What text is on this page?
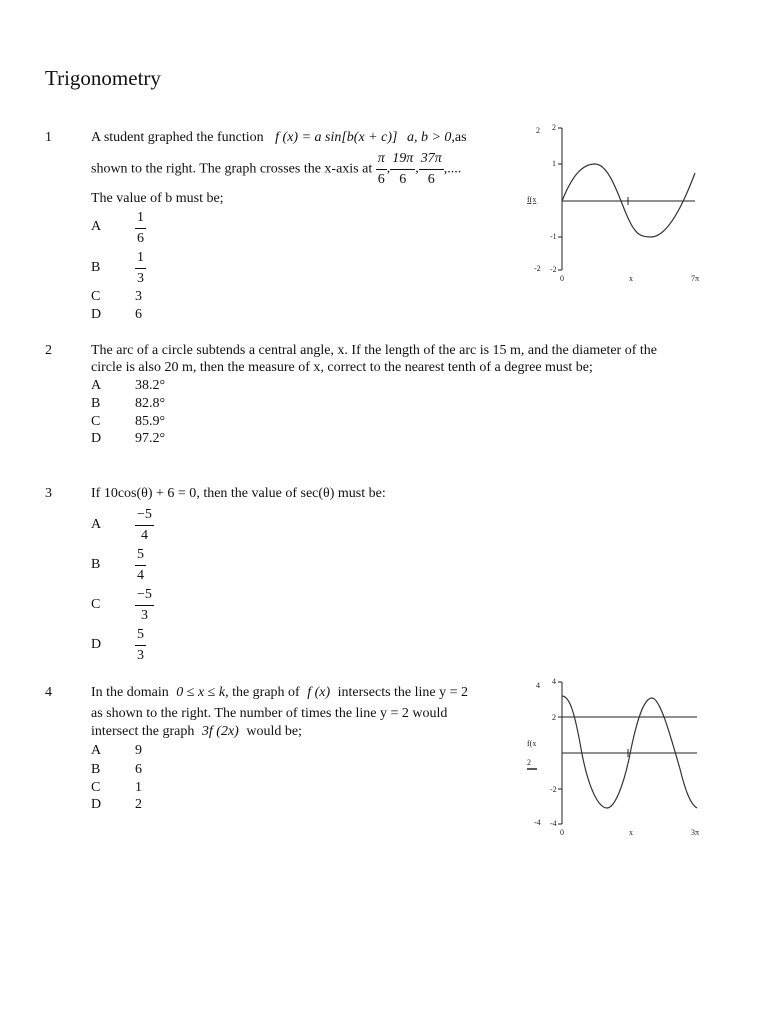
Trigonometry
1	A student graphed the function f (x) = a sin[b(x + c)] a, b > 0,as
shown to the right. The graph crosses the x-axis at $\frac{\pi}{6}$ , $\frac{19\pi}{6}$ , $\frac{37\pi}{6}$ ,....
The value of b must be;
A $\frac{1}{6}$
B $\frac{1}{3}$
C 3
D 6
2 2
1
f(x
-1
-2 -2
0	x	7π
2	The arc of a circle subtends a central angle, x. If the length of the arc is 15 m, and the diameter of the
circle is also 20 m, then the measure of x, correct to the nearest tenth of a degree must be;
A 38.2°
B 82.8°
C 85.9°
D 97.2°
3	If 10cos(θ) + 6 = 0, then the value of sec(θ) must be:
A $\frac{-5}{4}$
B $\frac{5}{4}$
C $\frac{-5}{3}$
D $\frac{5}{3}$
4	In the domain 0 ≤ x ≤ k, the graph of f (x) intersects the line y = 2
as shown to the right. The number of times the line y = 2 would
intersect the graph 3f (2x) would be;
A 9
B 6
C 1
D 2
4 4
2
f(x
2
-2
-4 -4
0	x	3π
